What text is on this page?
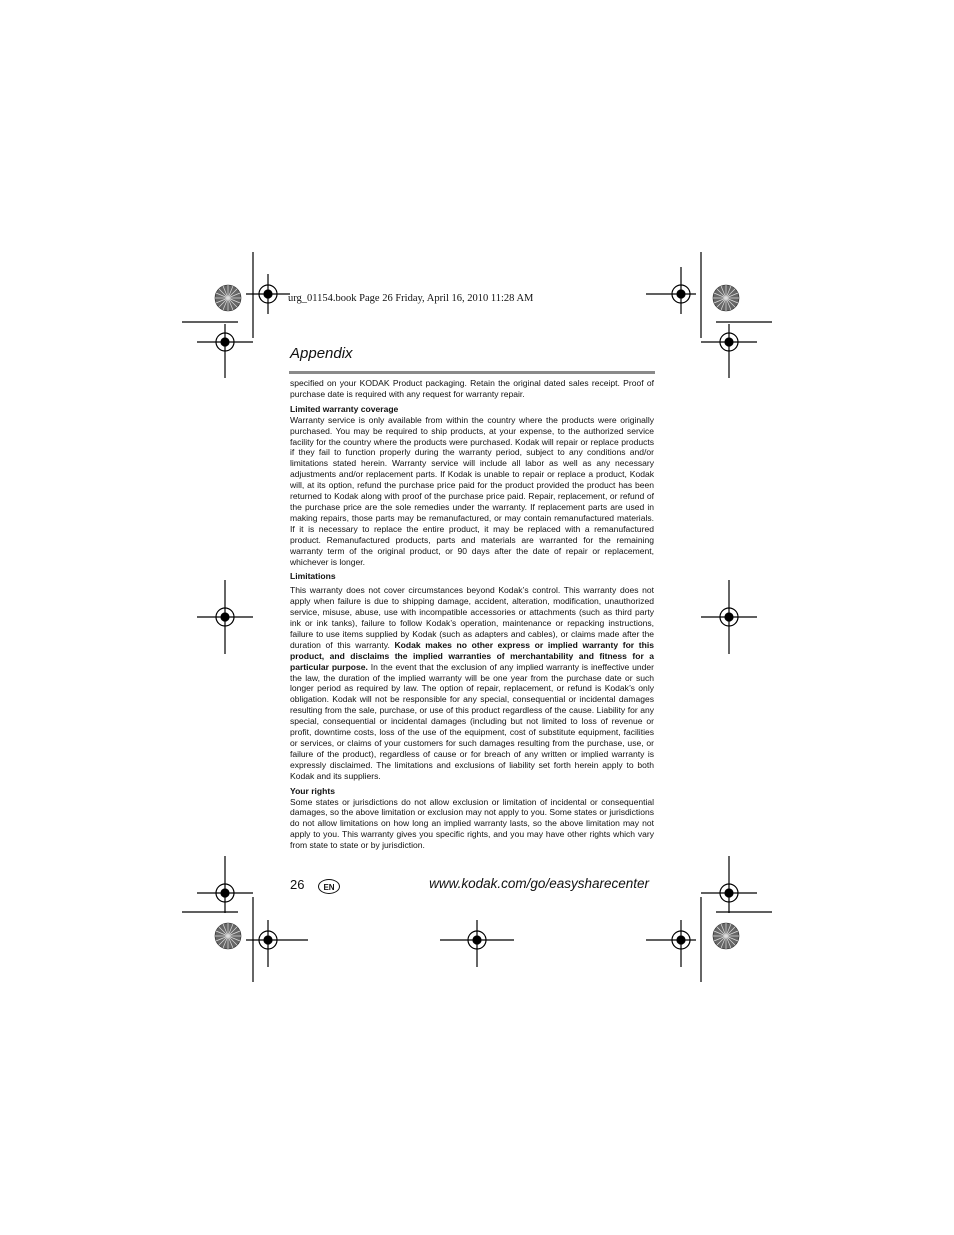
urg_01154.book Page 26 Friday, April 16, 2010 11:28 AM
Appendix

specified on your KODAK Product packaging. Retain the original dated sales receipt. Proof of purchase date is required with any request for warranty repair.

Limited warranty coverage

Warranty service is only available from within the country where the products were originally purchased. You may be required to ship products, at your expense, to the authorized service facility for the country where the products were purchased. Kodak will repair or replace products if they fail to function properly during the warranty period, subject to any conditions and/or limitations stated herein. Warranty service will include all labor as well as any necessary adjustments and/or replacement parts. If Kodak is unable to repair or replace a product, Kodak will, at its option, refund the purchase price paid for the product provided the product has been returned to Kodak along with proof of the purchase price paid. Repair, replacement, or refund of the purchase price are the sole remedies under the warranty. If replacement parts are used in making repairs, those parts may be remanufactured, or may contain remanufactured materials. If it is necessary to replace the entire product, it may be replaced with a remanufactured product. Remanufactured products, parts and materials are warranted for the remaining warranty term of the original product, or 90 days after the date of repair or replacement, whichever is longer.

Limitations

This warranty does not cover circumstances beyond Kodak’s control. This warranty does not apply when failure is due to shipping damage, accident, alteration, modification, unauthorized service, misuse, abuse, use with incompatible accessories or attachments (such as third party ink or ink tanks), failure to follow Kodak’s operation, maintenance or repacking instructions, failure to use items supplied by Kodak (such as adapters and cables), or claims made after the duration of this warranty. Kodak makes no other express or implied warranty for this product, and disclaims the implied warranties of merchantability and fitness for a particular purpose. In the event that the exclusion of any implied warranty is ineffective under the law, the duration of the implied warranty will be one year from the purchase date or such longer period as required by law. The option of repair, replacement, or refund is Kodak’s only obligation. Kodak will not be responsible for any special, consequential or incidental damages resulting from the sale, purchase, or use of this product regardless of the cause. Liability for any special, consequential or incidental damages (including but not limited to loss of revenue or profit, downtime costs, loss of the use of the equipment, cost of substitute equipment, facilities or services, or claims of your customers for such damages resulting from the purchase, use, or failure of the product), regardless of cause or for breach of any written or implied warranty is expressly disclaimed. The limitations and exclusions of liability set forth herein apply to both Kodak and its suppliers.

Your rights

Some states or jurisdictions do not allow exclusion or limitation of incidental or consequential damages, so the above limitation or exclusion may not apply to you. Some states or jurisdictions do not allow limitations on how long an implied warranty lasts, so the above limitation may not apply to you. This warranty gives you specific rights, and you may have other rights which vary from state to state or by jurisdiction.

26	EN	www.kodak.com/go/easysharecenter
